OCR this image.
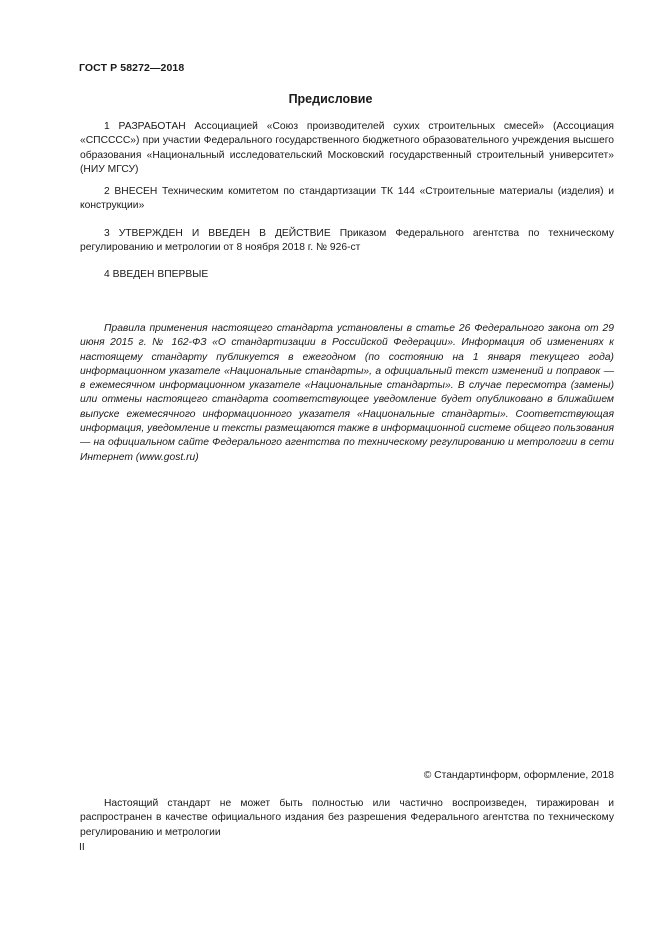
ГОСТ Р 58272—2018
Предисловие
1 РАЗРАБОТАН Ассоциацией «Союз производителей сухих строительных смесей» (Ассоциация «СПСССС») при участии Федерального государственного бюджетного образовательного учреждения высшего образования «Национальный исследовательский Московский государственный строительный университет» (НИУ МГСУ)
2 ВНЕСЕН Техническим комитетом по стандартизации ТК 144 «Строительные материалы (изделия) и конструкции»
3 УТВЕРЖДЕН И ВВЕДЕН В ДЕЙСТВИЕ Приказом Федерального агентства по техническому регулированию и метрологии от 8 ноября 2018 г. № 926-ст
4 ВВЕДЕН ВПЕРВЫЕ
Правила применения настоящего стандарта установлены в статье 26 Федерального закона от 29 июня 2015 г. № 162-ФЗ «О стандартизации в Российской Федерации». Информация об изменениях к настоящему стандарту публикуется в ежегодном (по состоянию на 1 января текущего года) информационном указателе «Национальные стандарты», а официальный текст изменений и поправок — в ежемесячном информационном указателе «Национальные стандарты». В случае пересмотра (замены) или отмены настоящего стандарта соответствующее уведомление будет опубликовано в ближайшем выпуске ежемесячного информационного указателя «Национальные стандарты». Соответствующая информация, уведомление и тексты размещаются также в информационной системе общего пользования — на официальном сайте Федерального агентства по техническому регулированию и метрологии в сети Интернет (www.gost.ru)
© Стандартинформ, оформление, 2018
Настоящий стандарт не может быть полностью или частично воспроизведен, тиражирован и распространен в качестве официального издания без разрешения Федерального агентства по техническому регулированию и метрологии
II
